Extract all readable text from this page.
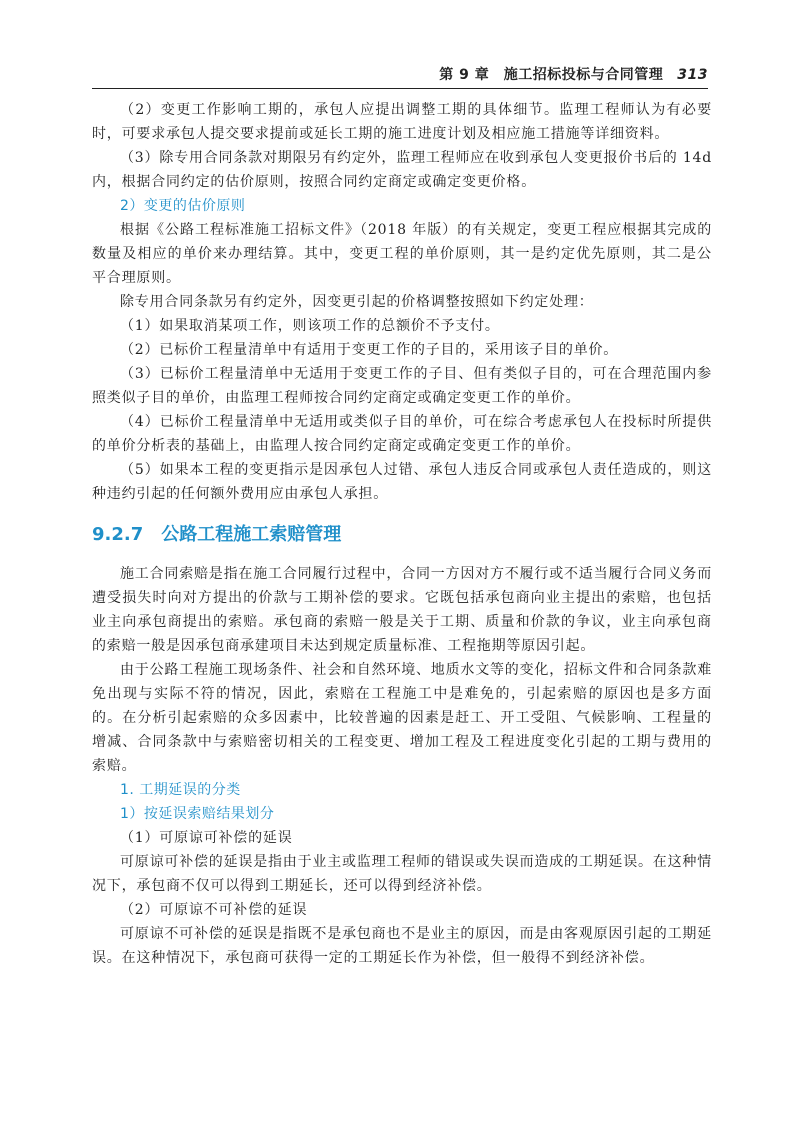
第 9 章　施工招标投标与合同管理 313

（2）变更工作影响工期的，承包人应提出调整工期的具体细节。监理工程师认为有必要时，可要求承包人提交要求提前或延长工期的施工进度计划及相应施工措施等详细资料。

（3）除专用合同条款对期限另有约定外，监理工程师应在收到承包人变更报价书后的 14d 内，根据合同约定的估价原则，按照合同约定商定或确定变更价格。

2）变更的估价原则

根据《公路工程标准施工招标文件》（2018 年版）的有关规定，变更工程应根据其完成的数量及相应的单价来办理结算。其中，变更工程的单价原则，其一是约定优先原则，其二是公平合理原则。

除专用合同条款另有约定外，因变更引起的价格调整按照如下约定处理：

（1）如果取消某项工作，则该项工作的总额价不予支付。

（2）已标价工程量清单中有适用于变更工作的子目的，采用该子目的单价。

（3）已标价工程量清单中无适用于变更工作的子目、但有类似子目的，可在合理范围内参照类似子目的单价，由监理工程师按合同约定商定或确定变更工作的单价。

（4）已标价工程量清单中无适用或类似子目的单价，可在综合考虑承包人在投标时所提供的单价分析表的基础上，由监理人按合同约定商定或确定变更工作的单价。

（5）如果本工程的变更指示是因承包人过错、承包人违反合同或承包人责任造成的，则这种违约引起的任何额外费用应由承包人承担。

9.2.7 公路工程施工索赔管理

施工合同索赔是指在施工合同履行过程中，合同一方因对方不履行或不适当履行合同义务而遭受损失时向对方提出的价款与工期补偿的要求。它既包括承包商向业主提出的索赔，也包括业主向承包商提出的索赔。承包商的索赔一般是关于工期、质量和价款的争议，业主向承包商的索赔一般是因承包商承建项目未达到规定质量标准、工程拖期等原因引起。

由于公路工程施工现场条件、社会和自然环境、地质水文等的变化，招标文件和合同条款难免出现与实际不符的情况，因此，索赔在工程施工中是难免的，引起索赔的原因也是多方面的。在分析引起索赔的众多因素中，比较普遍的因素是赶工、开工受阻、气候影响、工程量的增减、合同条款中与索赔密切相关的工程变更、增加工程及工程进度变化引起的工期与费用的索赔。

1. 工期延误的分类
1）按延误索赔结果划分
（1）可原谅可补偿的延误

可原谅可补偿的延误是指由于业主或监理工程师的错误或失误而造成的工期延误。在这种情况下，承包商不仅可以得到工期延长，还可以得到经济补偿。

（2）可原谅不可补偿的延误

可原谅不可补偿的延误是指既不是承包商也不是业主的原因，而是由客观原因引起的工期延误。在这种情况下，承包商可获得一定的工期延长作为补偿，但一般得不到经济补偿。
